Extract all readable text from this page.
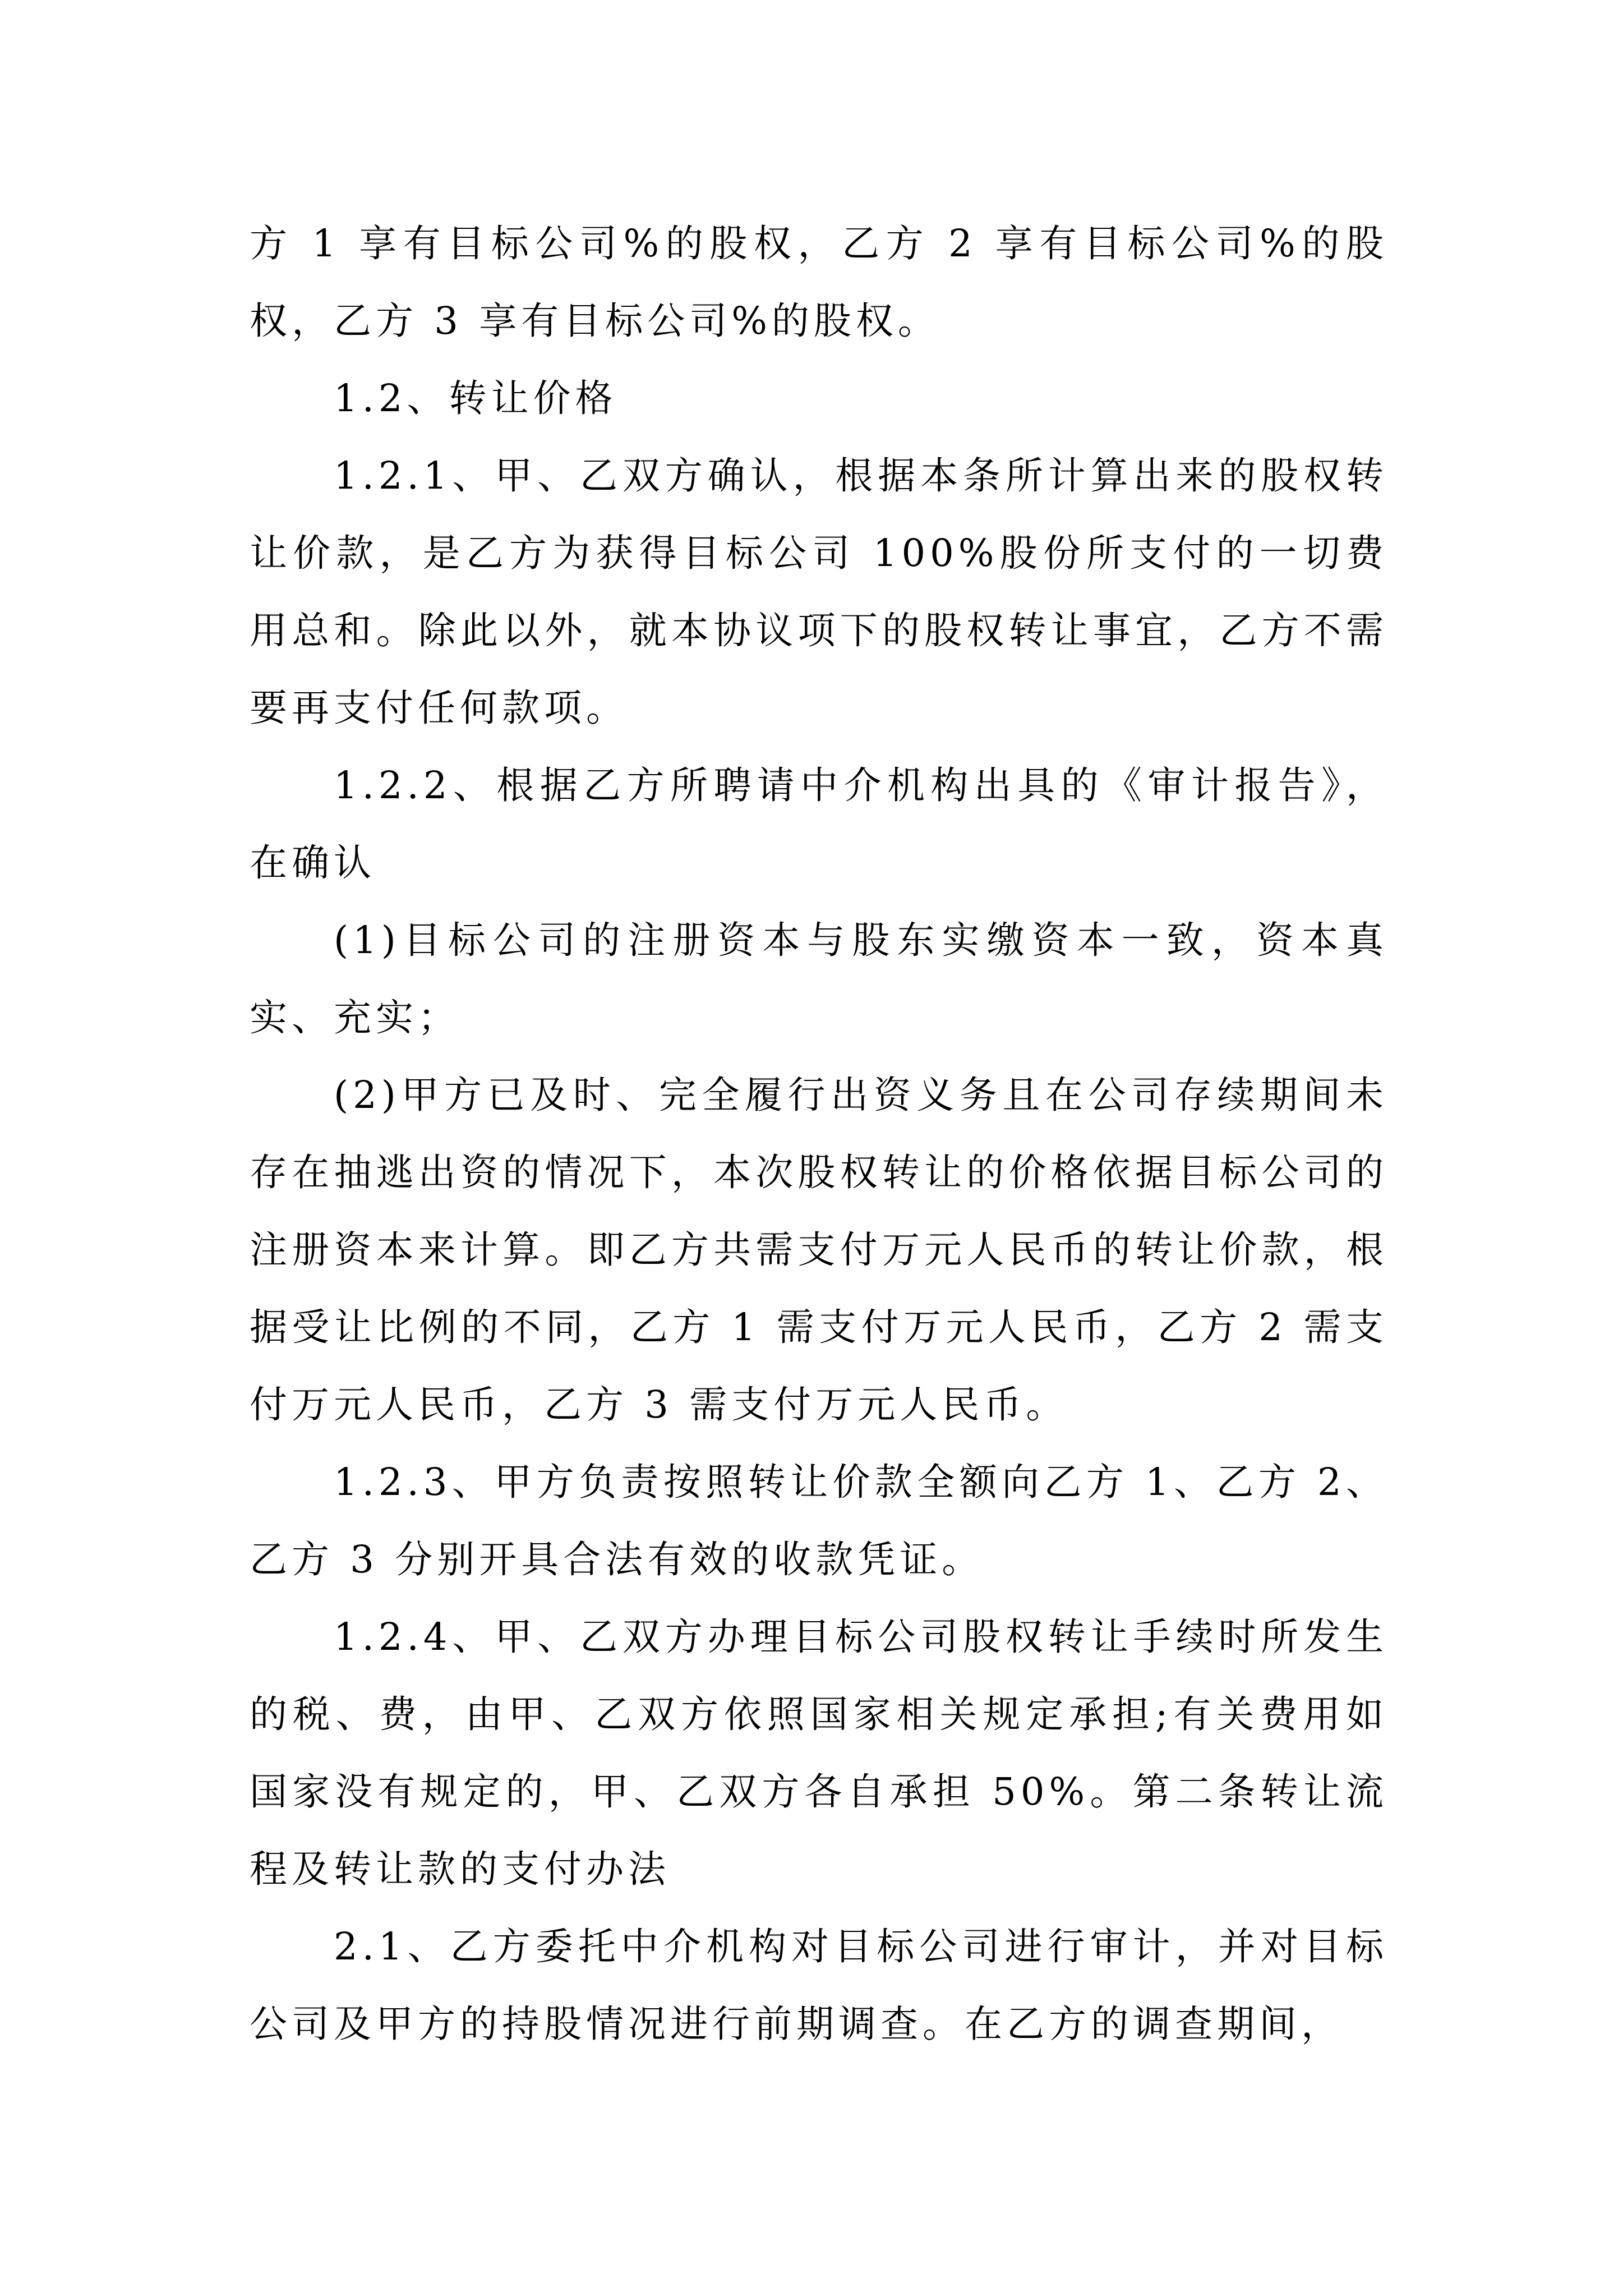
方 1 享有目标公司%的股权，乙方 2 享有目标公司%的股权，乙方 3 享有目标公司%的股权。

1.2、转让价格

1.2.1、甲、乙双方确认，根据本条所计算出来的股权转让价款，是乙方为获得目标公司 100%股份所支付的一切费用总和。除此以外，就本协议项下的股权转让事宜，乙方不需要再支付任何款项。

1.2.2、根据乙方所聘请中介机构出具的《审计报告》，在确认

(1)目标公司的注册资本与股东实缴资本一致，资本真实、充实；

(2)甲方已及时、完全履行出资义务且在公司存续期间未存在抽逃出资的情况下，本次股权转让的价格依据目标公司的注册资本来计算。即乙方共需支付万元人民币的转让价款，根据受让比例的不同，乙方 1 需支付万元人民币，乙方 2 需支付万元人民币，乙方 3 需支付万元人民币。

1.2.3、甲方负责按照转让价款全额向乙方 1、乙方 2、乙方 3 分别开具合法有效的收款凭证。

1.2.4、甲、乙双方办理目标公司股权转让手续时所发生的税、费，由甲、乙双方依照国家相关规定承担;有关费用如国家没有规定的，甲、乙双方各自承担 50%。第二条转让流程及转让款的支付办法

2.1、乙方委托中介机构对目标公司进行审计，并对目标公司及甲方的持股情况进行前期调查。在乙方的调查期间，
